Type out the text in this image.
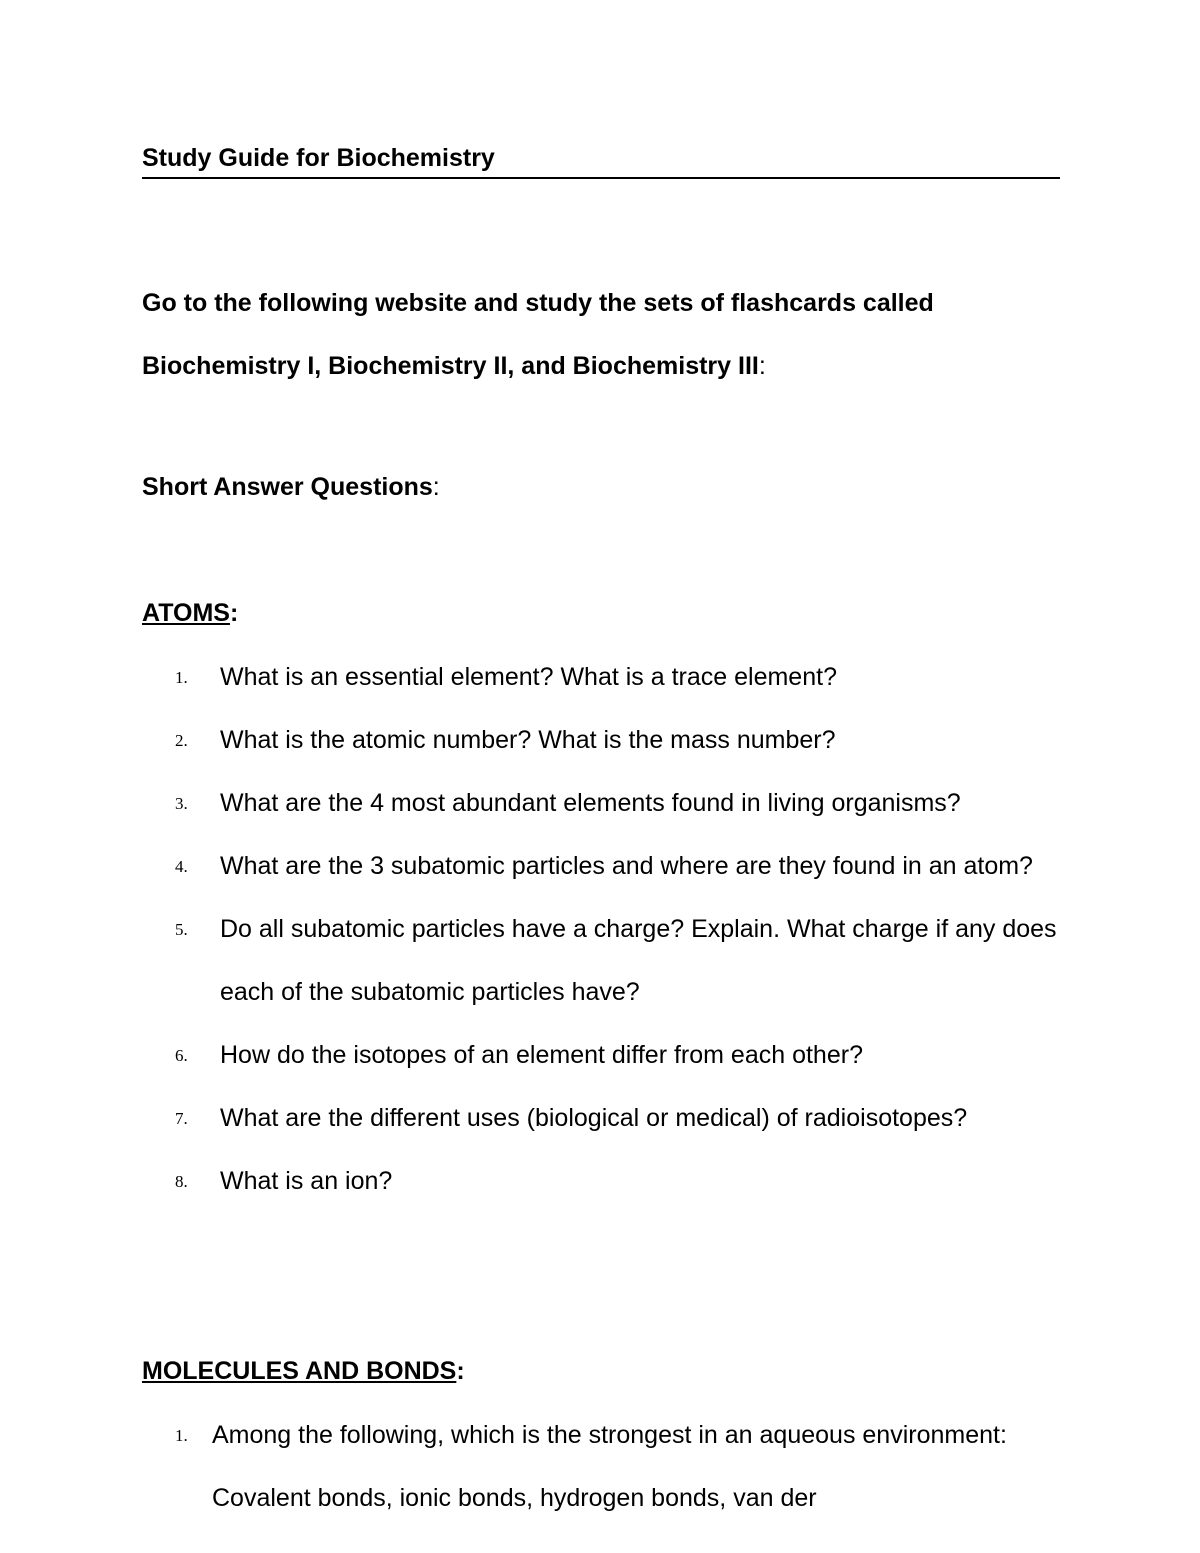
Study Guide for Biochemistry
Go to the following website and study the sets of flashcards called
Biochemistry I, Biochemistry II, and Biochemistry III:
Short Answer Questions:
ATOMS:
1.	What is an essential element? What is a trace element?
2.	What is the atomic number? What is the mass number?
3.	What are the 4 most abundant elements found in living organisms?
4.	What are the 3 subatomic particles and where are they found in an atom?
5.	Do all subatomic particles have a charge? Explain. What charge if any does each of the subatomic particles have?
6.	How do the isotopes of an element differ from each other?
7.	What are the different uses (biological or medical) of radioisotopes?
8.	What is an ion?
MOLECULES AND BONDS:
1. Among the following, which is the strongest in an aqueous environment: Covalent bonds, ionic bonds, hydrogen bonds, van der
